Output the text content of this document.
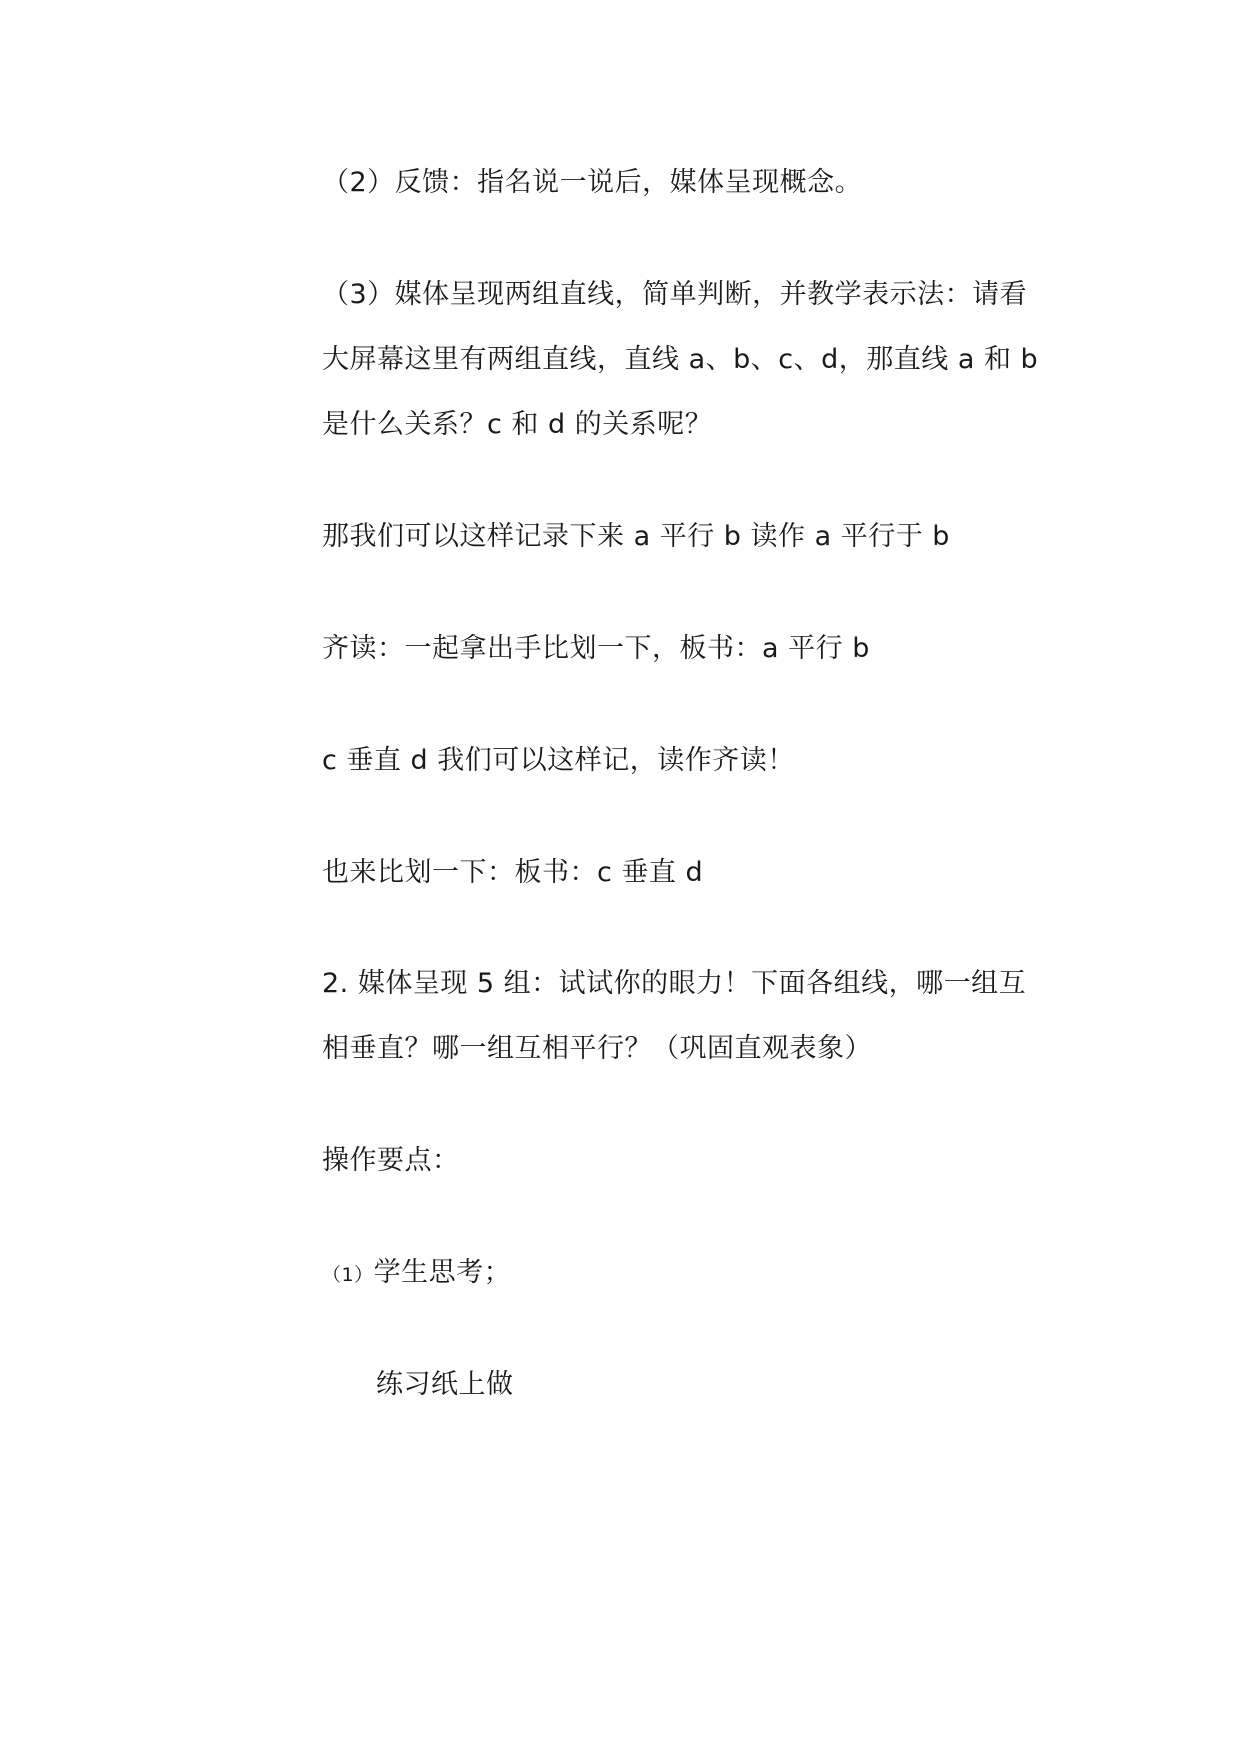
（2）反馈：指名说一说后，媒体呈现概念。
（3）媒体呈现两组直线，简单判断，并教学表示法：请看
大屏幕这里有两组直线，直线 a、b、c、d，那直线 a 和 b
是什么关系？c 和 d 的关系呢？
那我们可以这样记录下来 a 平行 b 读作 a 平行于 b
齐读：一起拿出手比划一下，板书：a 平行 b
c 垂直 d 我们可以这样记，读作齐读！
也来比划一下：板书：c 垂直 d
2. 媒体呈现 5 组：试试你的眼力！下面各组线，哪一组互
相垂直？哪一组互相平行？（巩固直观表象）
操作要点：
（1）学生思考；
练习纸上做
